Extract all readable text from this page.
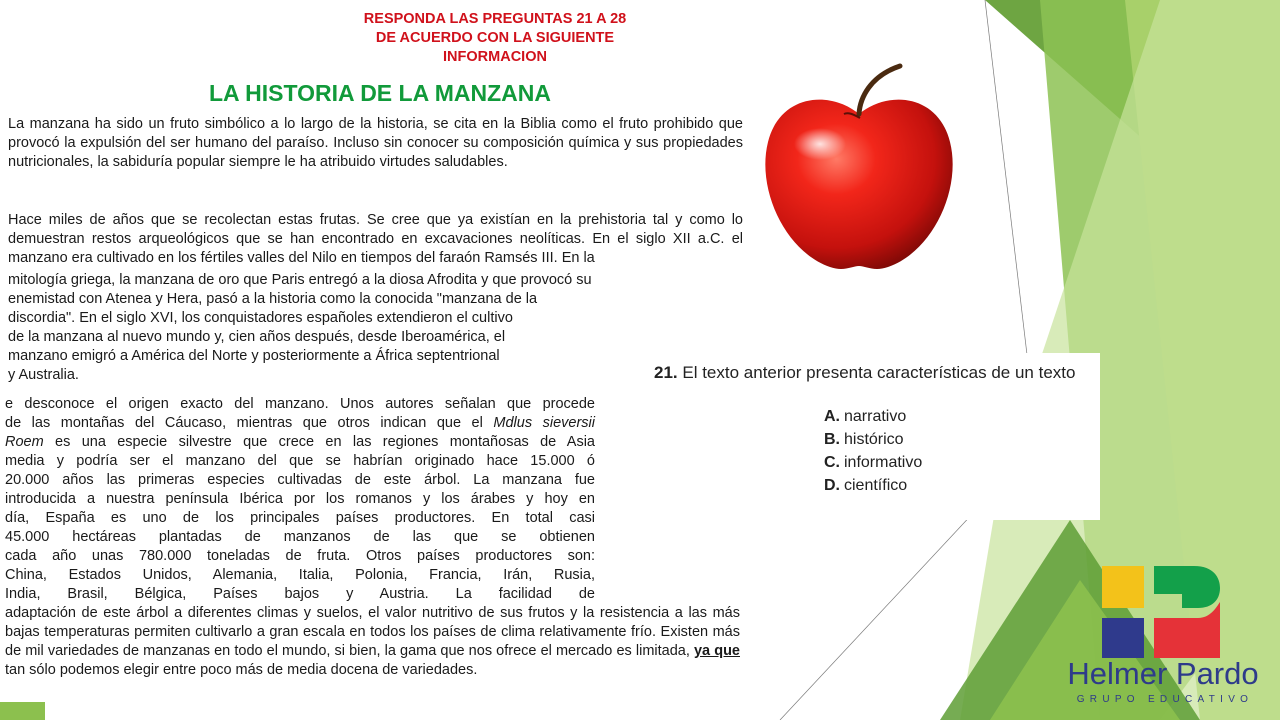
RESPONDA LAS PREGUNTAS 21 A 28
DE ACUERDO CON LA SIGUIENTE
INFORMACION
LA HISTORIA DE LA MANZANA

La manzana ha sido un fruto simbólico a lo largo de la historia, se cita en la Biblia como el fruto prohibido que provocó la expulsión del ser humano del paraíso. Incluso sin conocer su composición química y sus propiedades nutricionales, la sabiduría popular siempre le ha atribuido virtudes saludables.

Hace miles de años que se recolectan estas frutas. Se cree que ya existían en la prehistoria tal y como lo demuestran restos arqueológicos que se han encontrado en excavaciones neolíticas. En el siglo XII a.C. el manzano era cultivado en los fértiles valles del Nilo en tiempos del faraón Ramsés III. En la

mitología griega, la manzana de oro que Paris entregó a la diosa Afrodita y que provocó su

enemistad con Atenea y Hera, pasó a la historia como la conocida "manzana de la

discordia". En el siglo XVI, los conquistadores españoles extendieron el cultivo

de la manzana al nuevo mundo y, cien años después, desde Iberoamérica, el

manzano emigró a América del Norte y posteriormente a África septentrional

y Australia.

e desconoce el origen exacto del manzano. Unos autores señalan que procede
de las montañas del Cáucaso, mientras que otros indican que el Mdlus sieversii
Roem es una especie silvestre que crece en las regiones montañosas de Asia
media y podría ser el manzano del que se habrían originado hace 15.000 ó
20.000 años las primeras especies cultivadas de este árbol. La manzana fue
introducida a nuestra península Ibérica por los romanos y los árabes y hoy en
día, España es uno de los principales países productores. En total casi
45.000 hectáreas plantadas de manzanos de las que se obtienen
cada año unas 780.000 toneladas de fruta. Otros países productores son:
China, Estados Unidos, Alemania, Italia, Polonia, Francia, Irán, Rusia,
India, Brasil, Bélgica, Países bajos y Austria. La facilidad de

adaptación de este árbol a diferentes climas y suelos, el valor nutritivo de sus frutos y la resistencia a las más bajas temperaturas permiten cultivarlo a gran escala en todos los países de clima relativamente frío. Existen más de mil variedades de manzanas en todo el mundo, si bien, la gama que nos ofrece el mercado es limitada, ya que tan sólo podemos elegir entre poco más de media docena de variedades.

21. El texto anterior presenta características de un texto
A. narrativo
B. histórico
C. informativo
D. científico
Helmer Pardo
GRUPO EDUCATIVO
